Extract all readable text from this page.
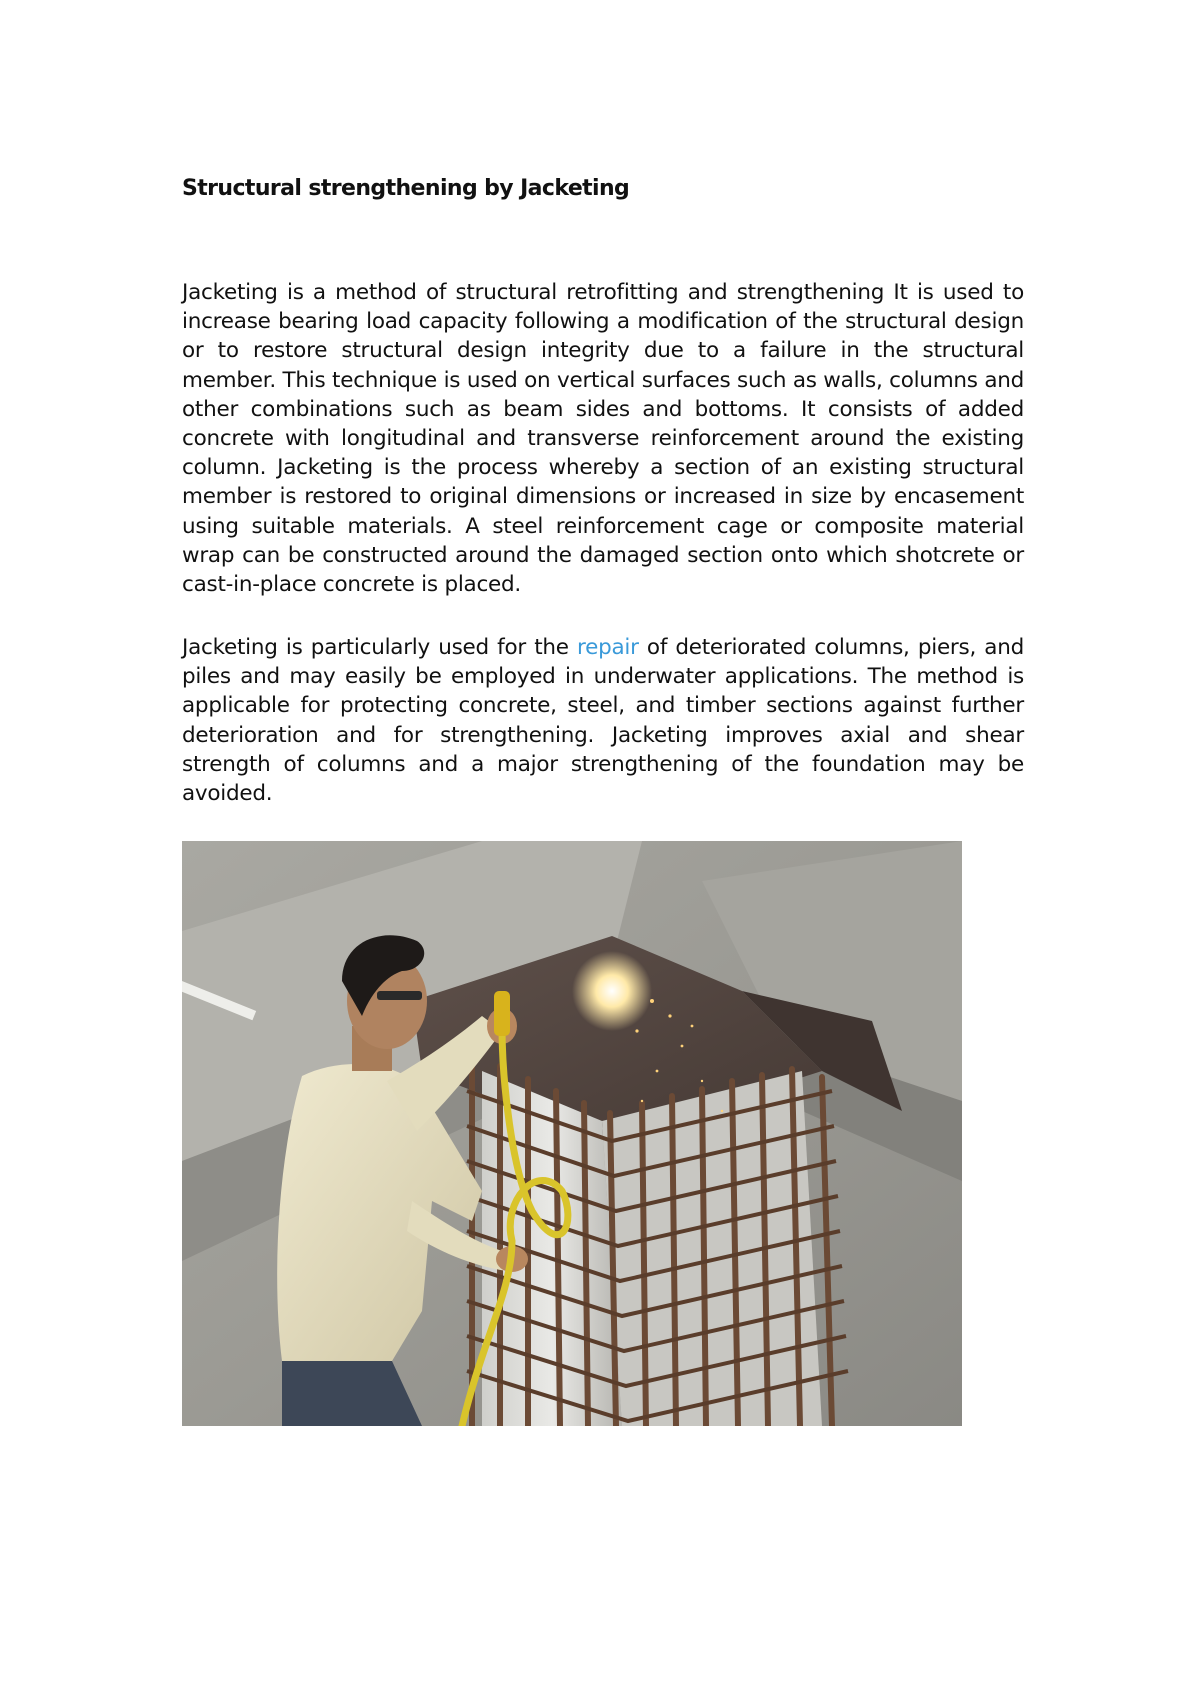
Structural strengthening by Jacketing

Jacketing is a method of structural retrofitting and strengthening It is used to increase bearing load capacity following a modification of the structural design or to restore structural design integrity due to a failure in the structural member. This technique is used on vertical surfaces such as walls, columns and other combinations such as beam sides and bottoms. It consists of added concrete with longitudinal and transverse reinforcement around the existing column. Jacketing is the process whereby a section of an existing structural member is restored to original dimensions or increased in size by encasement using suitable materials. A steel reinforcement cage or composite material wrap can be constructed around the damaged section onto which shotcrete or cast-in-place concrete is placed.

Jacketing is particularly used for the repair of deteriorated columns, piers, and piles and may easily be employed in underwater applications. The method is applicable for protecting concrete, steel, and timber sections against further deterioration and for strengthening. Jacketing improves axial and shear strength of columns and a major strengthening of the foundation may be avoided.
